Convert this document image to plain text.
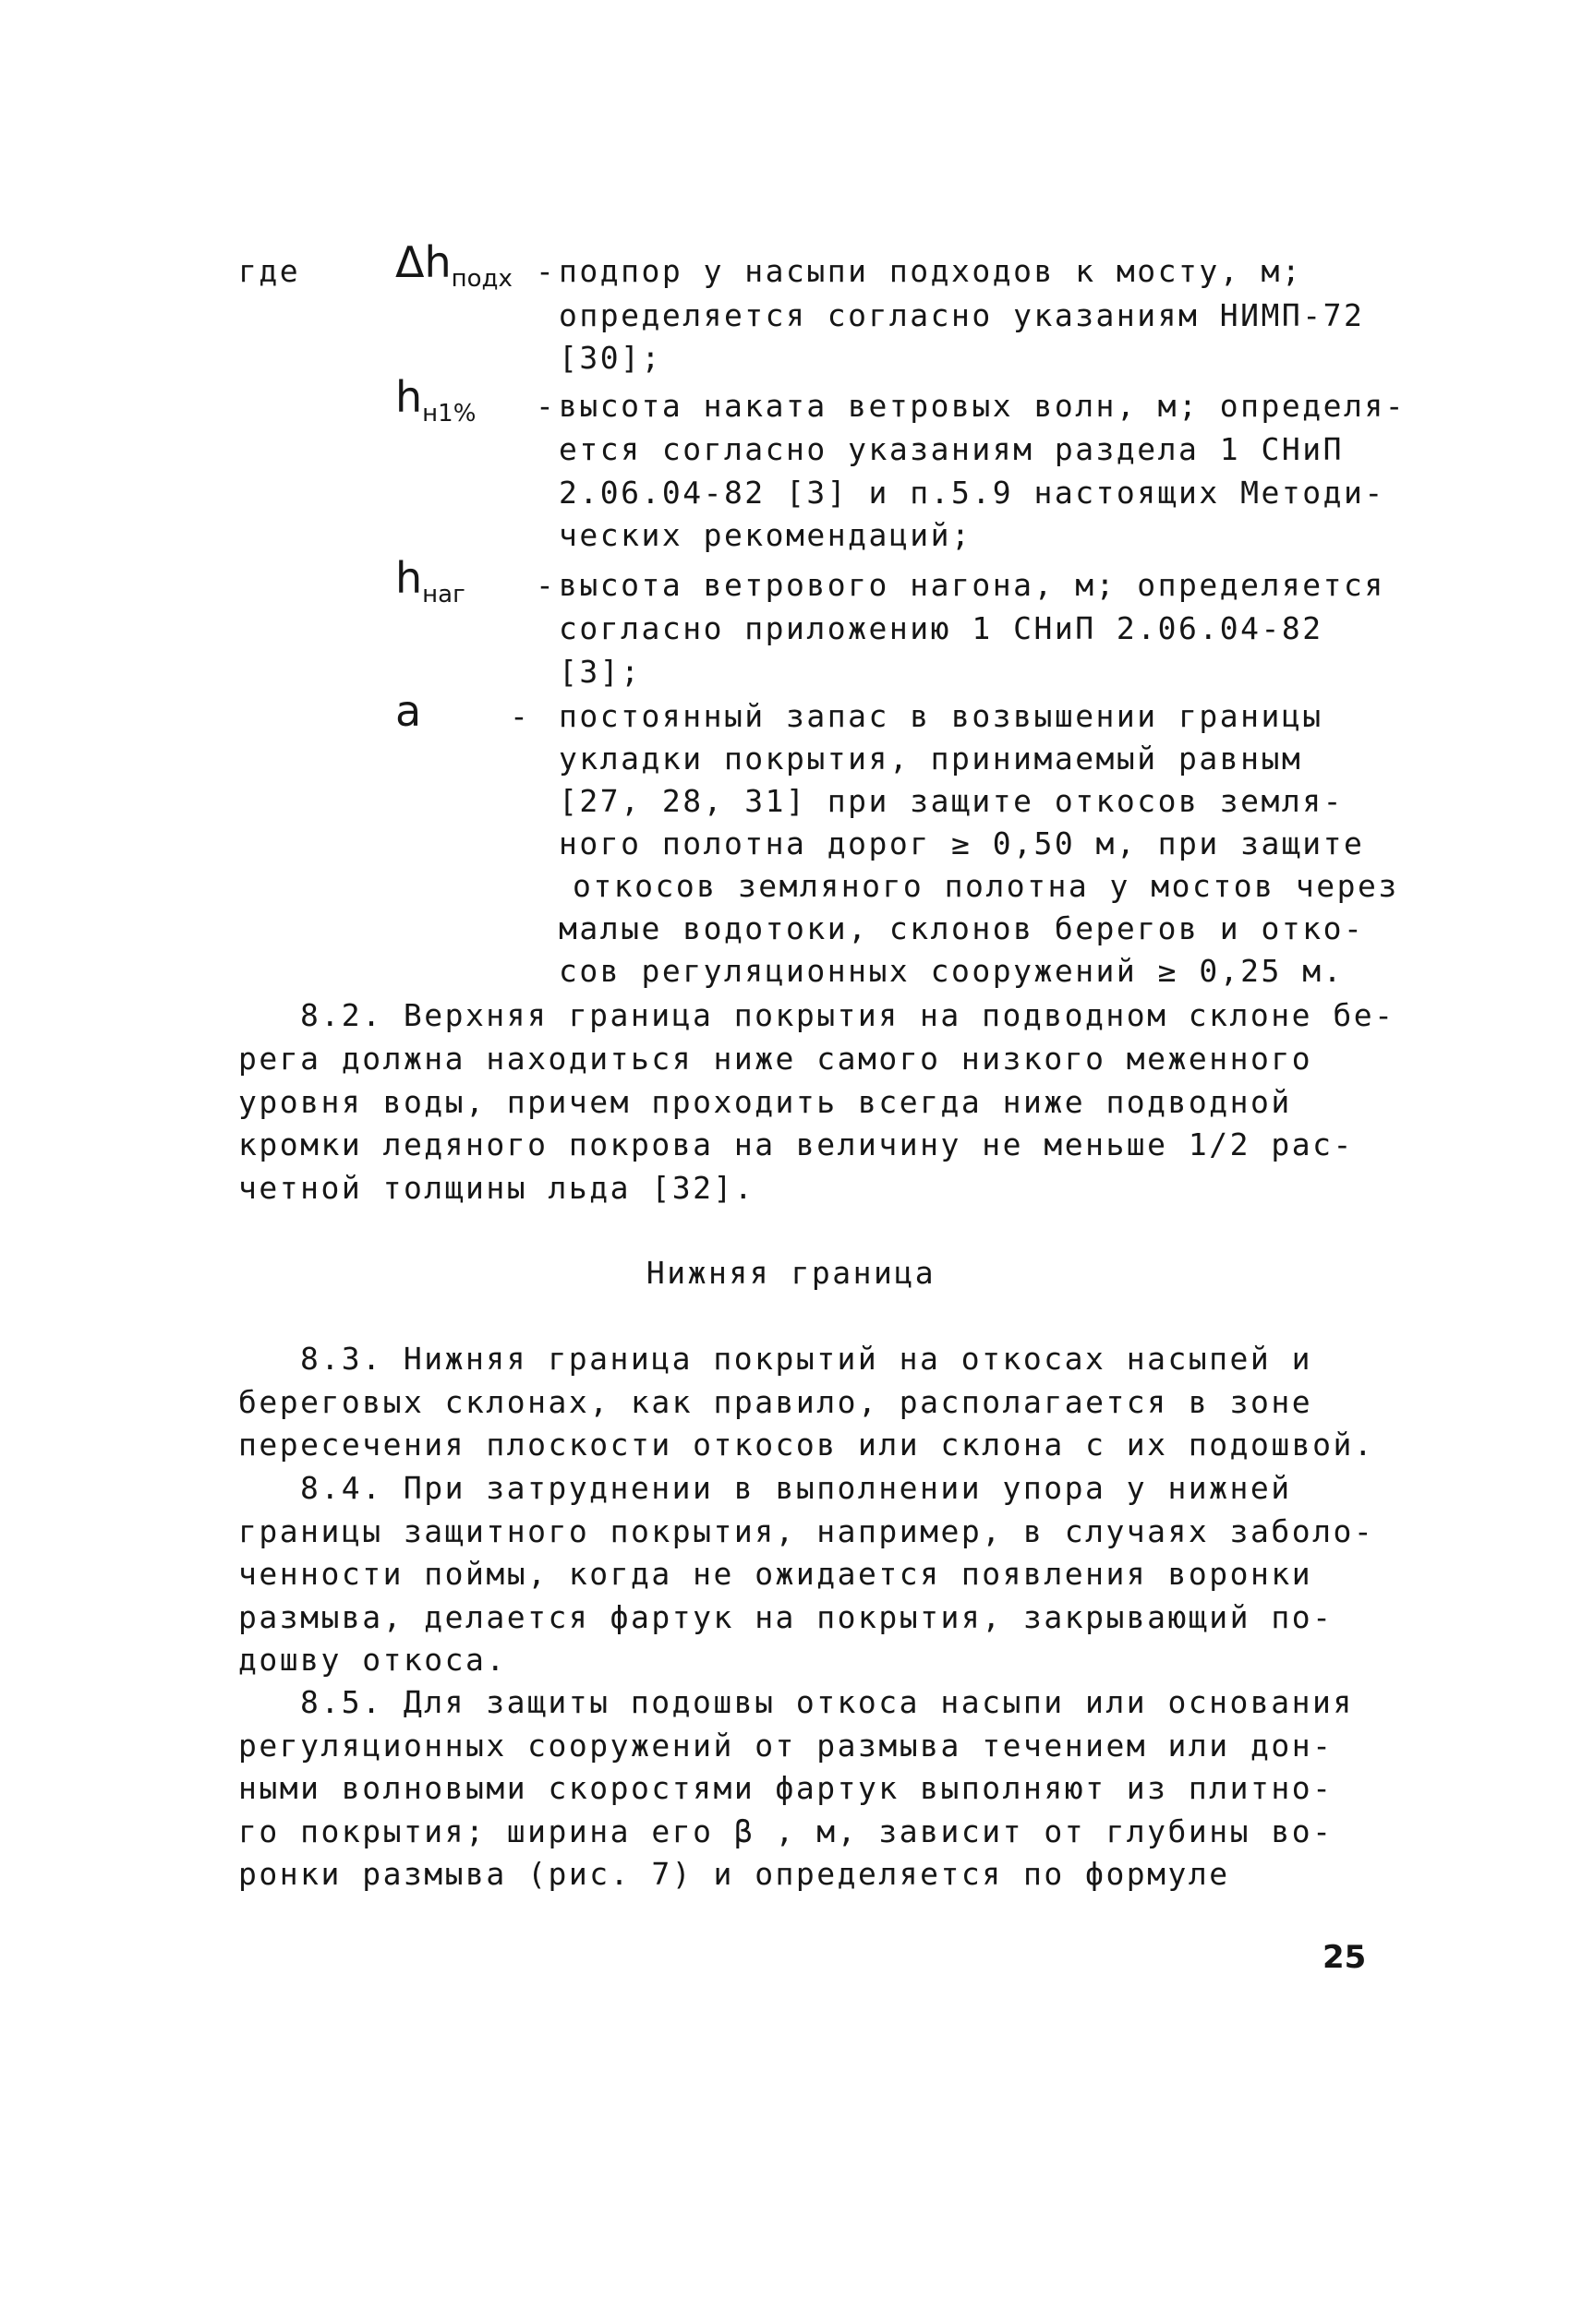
где $\Delta h_{подх}$ - подпор у насыпи подходов к мосту, м;
определяется согласно указаниям НИМП-72
[30];
$h_{н1\%}$ - высота наката ветровых волн, м; определя-
ется согласно указаниям раздела 1 СНиП
2.06.04-82 [3] и п.5.9 настоящих Методи-
ческих рекомендаций;
$h_{наг}$ - высота ветрового нагона, м; определяется
согласно приложению 1 СНиП 2.06.04-82
[3];
a	- постоянный запас в возвышении границы
укладки покрытия, принимаемый равным
[27, 28, 31] при защите откосов земля-
ного полотна дорог ≥ 0,50 м, при защите
откосов земляного полотна у мостов через
малые водотоки, склонов берегов и отко-
сов регуляционных сооружений ≥ 0,25 м.
8.2. Верхняя граница покрытия на подводном склоне бе-
рега должна находиться ниже самого низкого меженного
уровня воды, причем проходить всегда ниже подводной
кромки ледяного покрова на величину не меньше 1/2 рас-
четной толщины льда [32].
Нижняя граница
8.3. Нижняя граница покрытий на откосах насыпей и
береговых склонах, как правило, располагается в зоне
пересечения плоскости откосов или склона с их подошвой.
8.4. При затруднении в выполнении упора у нижней
границы защитного покрытия, например, в случаях заболо-
ченности поймы, когда не ожидается появления воронки
размыва, делается фартук на покрытия, закрывающий по-
дошву откоса.
8.5. Для защиты подошвы откоса насыпи или основания
регуляционных сооружений от размыва течением или дон-
ными волновыми скоростями фартук выполняют из плитно-
го покрытия; ширина его β , м, зависит от глубины во-
ронки размыва (рис. 7) и определяется по формуле
25
